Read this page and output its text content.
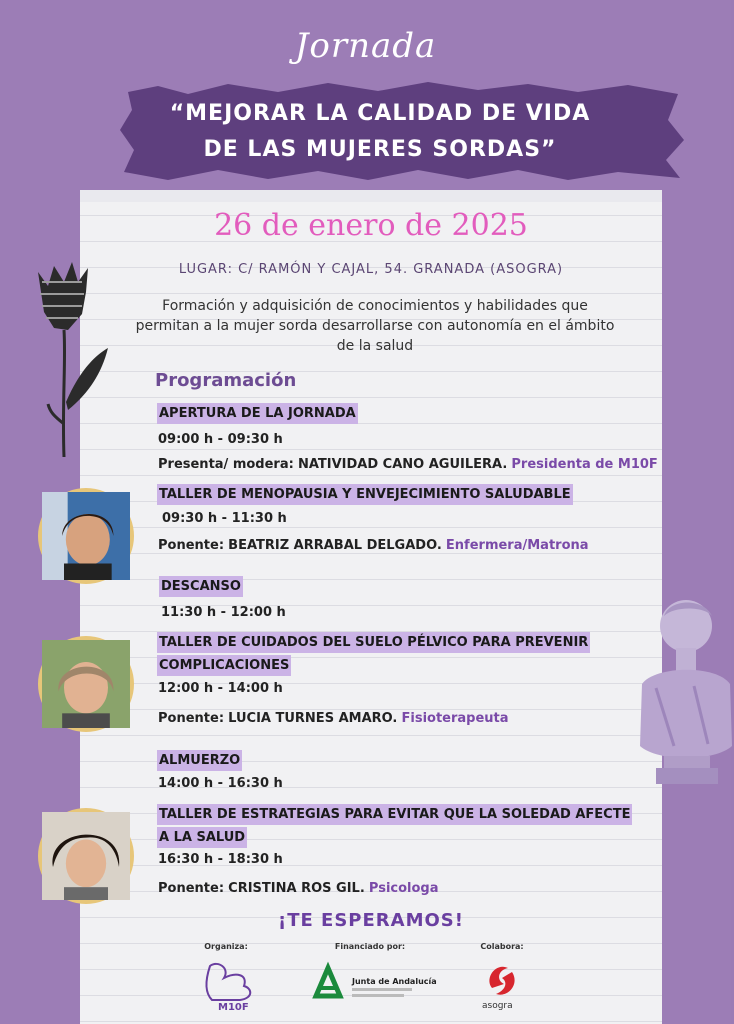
Jornada
“MEJORAR LA CALIDAD DE VIDA
DE LAS MUJERES SORDAS”
26 de enero de 2025
LUGAR: C/ RAMÓN Y CAJAL, 54. GRANADA (ASOGRA)
Formación y adquisición de conocimientos y habilidades que permitan a la mujer sorda desarrollarse con autonomía en el ámbito de la salud
Programación
APERTURA DE LA JORNADA
09:00 h - 09:30 h
Presenta/ modera: NATIVIDAD CANO AGUILERA. Presidenta de M10F
TALLER DE MENOPAUSIA Y ENVEJECIMIENTO SALUDABLE
09:30 h - 11:30 h
Ponente: BEATRIZ ARRABAL DELGADO. Enfermera/Matrona
DESCANSO
11:30 h - 12:00 h
TALLER DE CUIDADOS DEL SUELO PÉLVICO PARA PREVENIR
COMPLICACIONES
12:00 h - 14:00 h
Ponente: LUCIA TURNES AMARO. Fisioterapeuta
ALMUERZO
14:00 h - 16:30 h
TALLER DE ESTRATEGIAS PARA EVITAR QUE LA SOLEDAD AFECTE
A LA SALUD
16:30 h - 18:30 h
Ponente: CRISTINA ROS GIL. Psicologa
¡TE ESPERAMOS!
Organiza:	Financiado por:	Colabora:
M10F
Junta de Andalucía
asogra
